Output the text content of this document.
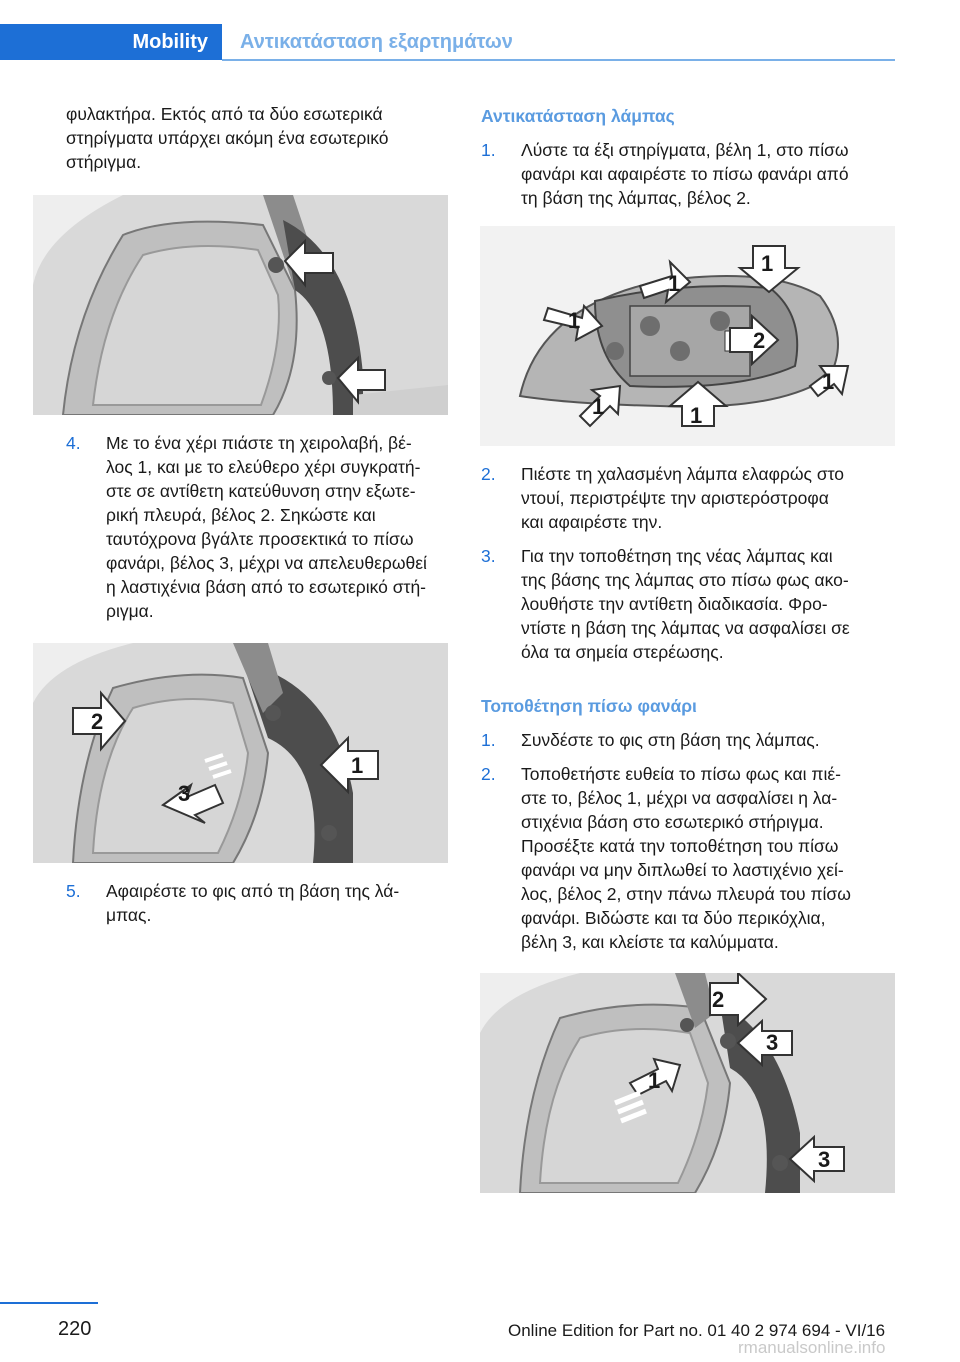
Mobility	Αντικατάσταση εξαρτημάτων
φυλακτήρα. Εκτός από τα δύο εσωτερικά στηρίγματα υπάρχει ακόμη ένα εσωτερικό στήριγμα.
4. Με το ένα χέρι πιάστε τη χειρολαβή, βέ-
λος 1, και με το ελεύθερο χέρι συγκρατή-
στε σε αντίθετη κατεύθυνση στην εξωτε-
ρική πλευρά, βέλος 2. Σηκώστε και
ταυτόχρονα βγάλτε προσεκτικά το πίσω
φανάρι, βέλος 3, μέχρι να απελευθερωθεί
η λαστιχένια βάση από το εσωτερικό στή-
ριγμα.
2
1
3
5. Αφαιρέστε το φις από τη βάση της λά-
μπας.
Αντικατάσταση λάμπας
1. Λύστε τα έξι στηρίγματα, βέλη 1, στο πίσω
φανάρι και αφαιρέστε το πίσω φανάρι από
τη βάση της λάμπας, βέλος 2.
1
1
1
2
1
1
1
2. Πιέστε τη χαλασμένη λάμπα ελαφρώς στο
ντουί, περιστρέψτε την αριστερόστροφα
και αφαιρέστε την.
3. Για την τοποθέτηση της νέας λάμπας και
της βάσης της λάμπας στο πίσω φως ακο-
λουθήστε την αντίθετη διαδικασία. Φρο-
ντίστε η βάση της λάμπας να ασφαλίσει σε
όλα τα σημεία στερέωσης.
Τοποθέτηση πίσω φανάρι
1. Συνδέστε το φις στη βάση της λάμπας.
2. Τοποθετήστε ευθεία το πίσω φως και πιέ-
στε το, βέλος 1, μέχρι να ασφαλίσει η λα-
στιχένια βάση στο εσωτερικό στήριγμα.
Προσέξτε κατά την τοποθέτηση του πίσω
φανάρι να μην διπλωθεί το λαστιχένιο χεί-
λος, βέλος 2, στην πάνω πλευρά του πίσω
φανάρι. Βιδώστε και τα δύο περικόχλια,
βέλη 3, και κλείστε τα καλύμματα.
2
3
1
3
220	Online Edition for Part no. 01 40 2 974 694 - VI/16
rmanualsonline.info
